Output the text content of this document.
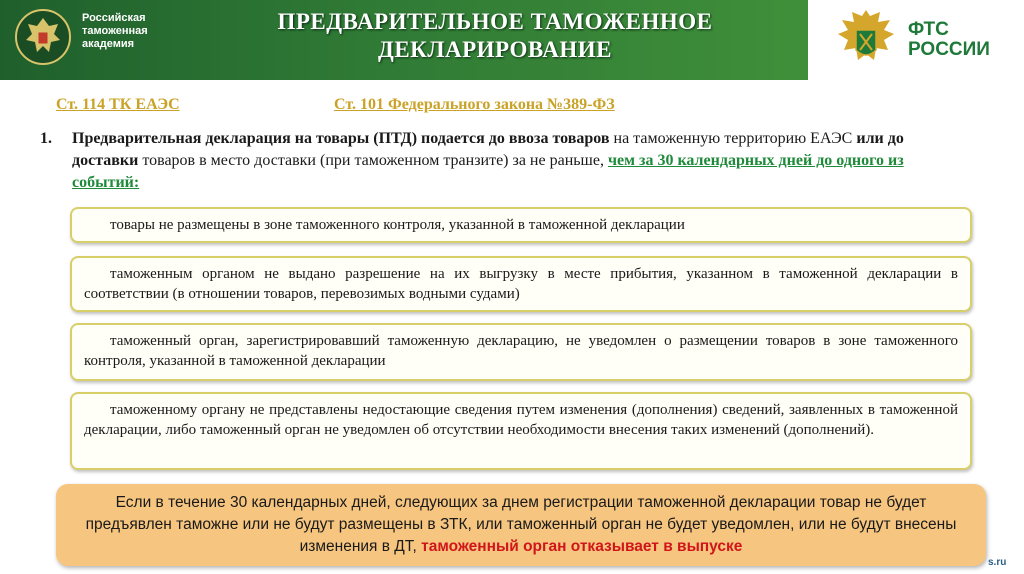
Российская
таможенная
академия
ПРЕДВАРИТЕЛЬНОЕ ТАМОЖЕННОЕ
ДЕКЛАРИРОВАНИЕ
ФТС
РОССИИ
Ст. 114 ТК ЕАЭС	Ст. 101 Федерального закона №389-ФЗ
1. Предварительная декларация на товары (ПТД) подается до ввоза товаров на таможенную территорию ЕАЭС или до доставки товаров в место доставки (при таможенном транзите) за не раньше, чем за 30 календарных дней до одного из событий:
товары не размещены в зоне таможенного контроля, указанной в таможенной декларации
таможенным органом не выдано разрешение на их выгрузку в месте прибытия, указанном в таможенной декларации в соответствии (в отношении товаров, перевозимых водными судами)
таможенный орган, зарегистрировавший таможенную декларацию, не уведомлен о размещении товаров в зоне таможенного контроля, указанной в таможенной декларации
таможенному органу не представлены недостающие сведения путем изменения (дополнения) сведений, заявленных в таможенной декларации, либо таможенный орган не уведомлен об отсутствии необходимости внесения таких изменений (дополнений).
Если в течение 30 календарных дней, следующих за днем регистрации таможенной декларации товар не будет предъявлен таможне или не будут размещены в ЗТК, или таможенный орган не будет уведомлен, или не будут внесены изменения в ДТ, таможенный орган отказывает в выпуске
s.ru
